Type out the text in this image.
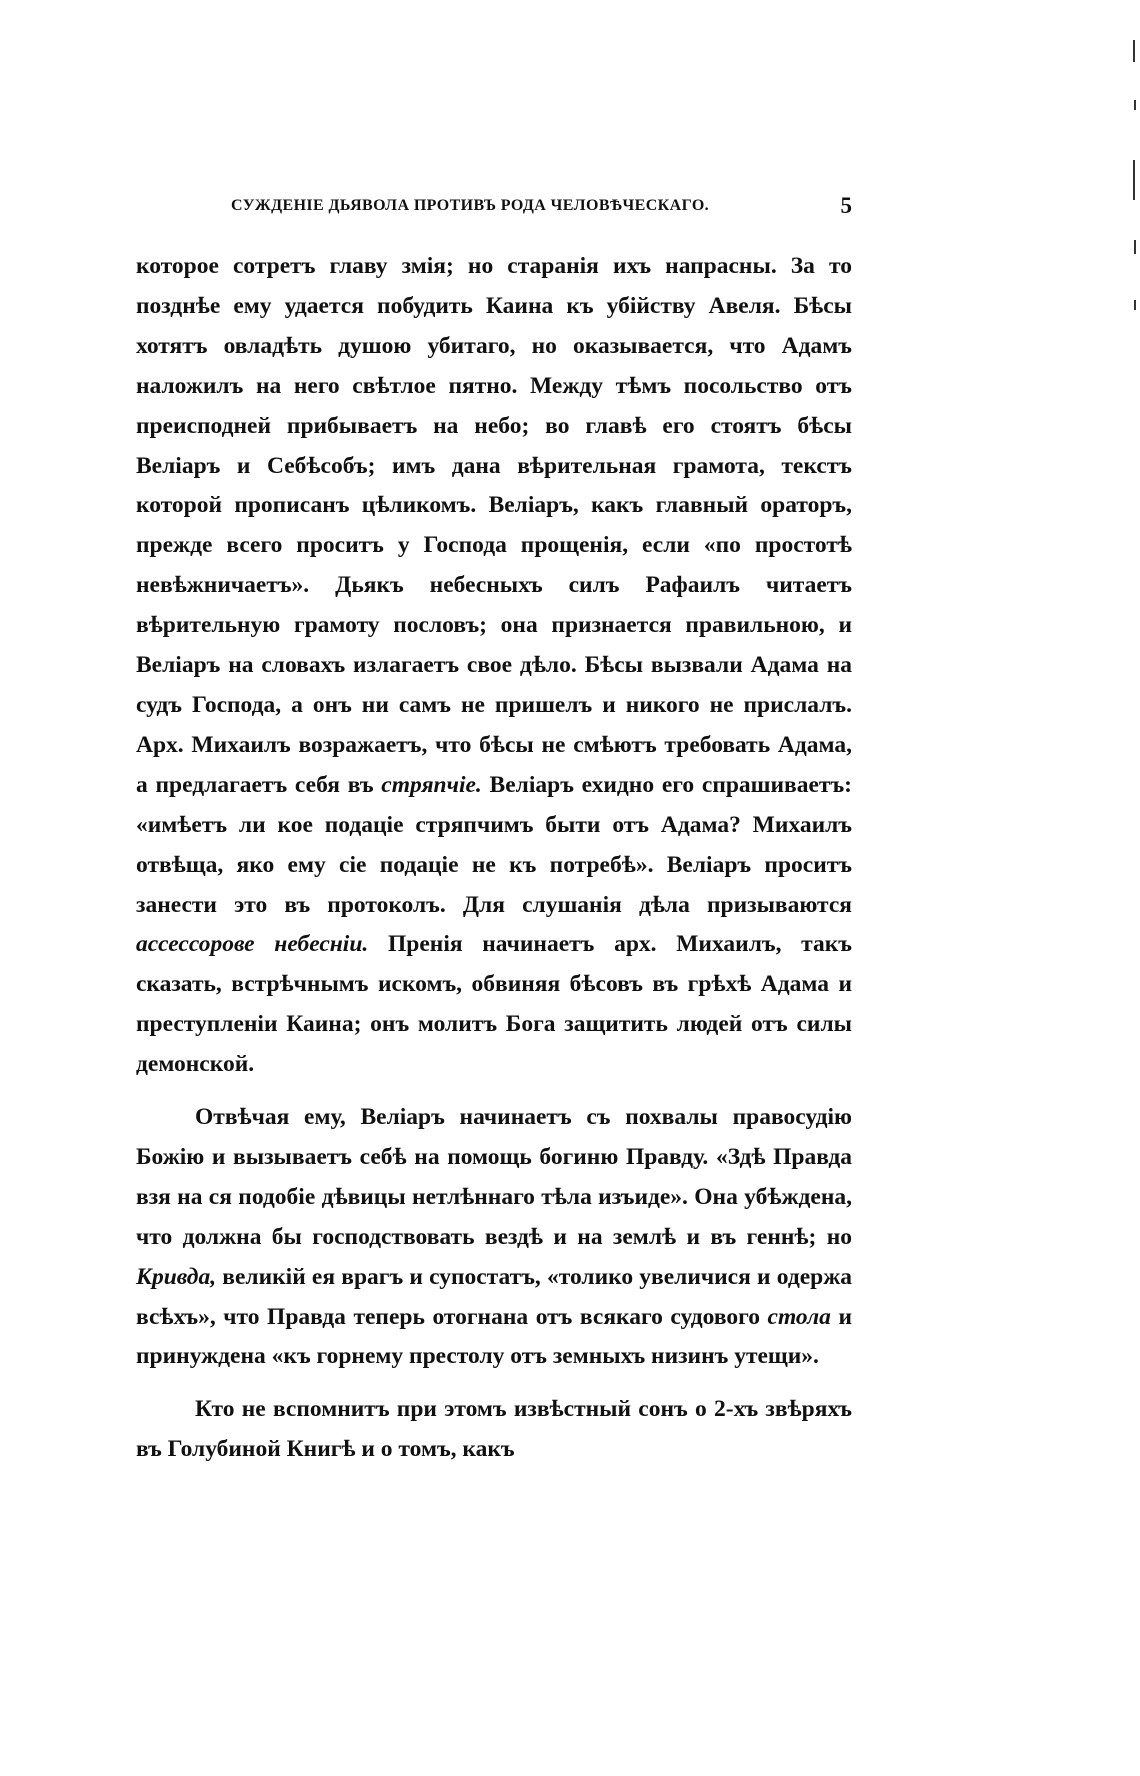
СУЖДЕНІЕ ДЬЯВОЛА ПРОТИВЪ РОДА ЧЕЛОВѢЧЕСКАГО.	5

которое сотретъ главу змія; но старанія ихъ напрасны. За то позднѣе ему удается побудить Каина къ убійству Авеля. Бѣсы хотятъ овладѣть душою убитаго, но оказывается, что Адамъ наложилъ на него свѣтлое пятно. Между тѣмъ посольство отъ преисподней прибываетъ на небо; во главѣ его стоятъ бѣсы Веліаръ и Себѣсобъ; имъ дана вѣрительная грамота, текстъ которой прописанъ цѣликомъ. Веліаръ, какъ главный ораторъ, прежде всего проситъ у Господа прощенія, если «по простотѣ невѣжничаетъ». Дьякъ небесныхъ силъ Рафаилъ читаетъ вѣрительную грамоту пословъ; она признается правильною, и Веліаръ на словахъ излагаетъ свое дѣло. Бѣсы вызвали Адама на судъ Господа, а онъ ни самъ не пришелъ и никого не прислалъ. Арх. Михаилъ возражаетъ, что бѣсы не смѣютъ требовать Адама, а предлагаетъ себя въ стряпчіе. Веліаръ ехидно его спрашиваетъ: «имѣетъ ли кое подаціе стряпчимъ быти отъ Адама? Михаилъ отвѣща, яко ему сіе подаціе не къ потребѣ». Веліаръ проситъ занести это въ протоколъ. Для слушанія дѣла призываются ассессорове небесніи. Пренія начинаетъ арх. Михаилъ, такъ сказать, встрѣчнымъ искомъ, обвиняя бѣсовъ въ грѣхѣ Адама и преступленіи Каина; онъ молитъ Бога защитить людей отъ силы демонской.

Отвѣчая ему, Веліаръ начинаетъ съ похвалы правосудію Божію и вызываетъ себѣ на помощь богиню Правду. «Здѣ Правда взя на ся подобіе дѣвицы нетлѣннаго тѣла изъиде». Она убѣждена, что должна бы господствовать вездѣ и на землѣ и въ геннѣ; но Кривда, великій ея врагъ и супостатъ, «толико увеличися и одержа всѣхъ», что Правда теперь отогнана отъ всякаго судового стола и принуждена «къ горнему престолу отъ земныхъ низинъ утещи».

Кто не вспомнитъ при этомъ извѣстный сонъ о 2-хъ звѣряхъ въ Голубиной Книгѣ и о томъ, какъ
